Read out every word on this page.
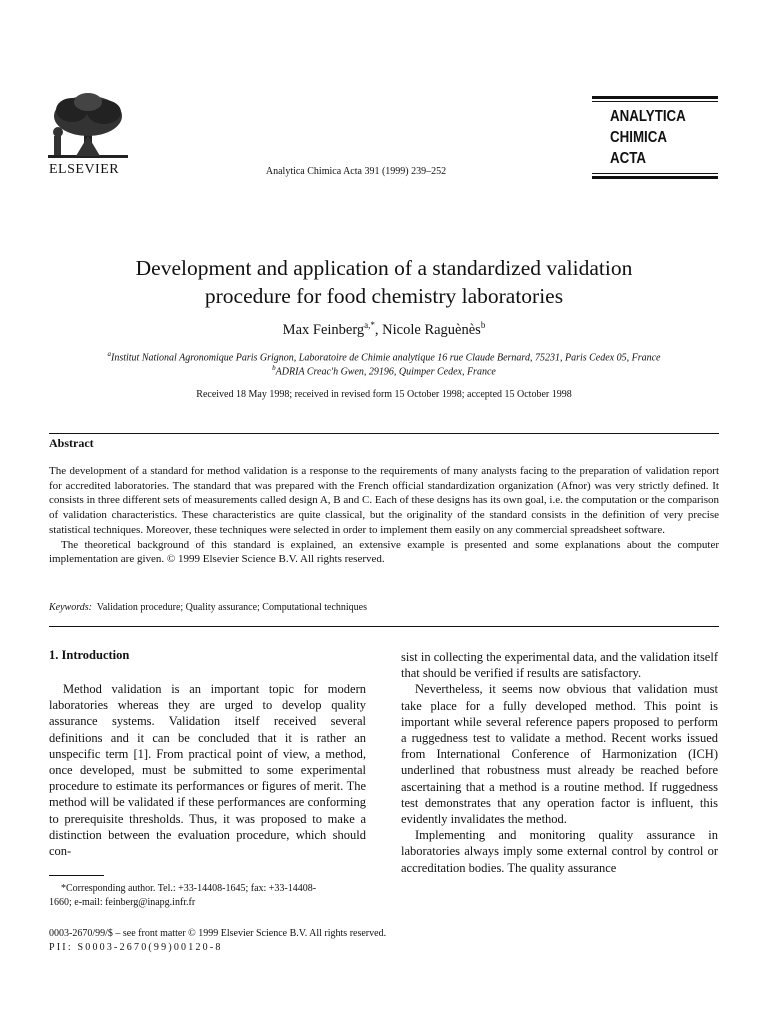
ELSEVIER	Analytica Chimica Acta 391 (1999) 239–252
ANALYTICA
CHIMICA
ACTA
Development and application of a standardized validation
procedure for food chemistry laboratories
Max Feinberg$^{a,*}$, Nicole $Raguènès^b$
$^a$Institut National Agronomique Paris Grignon, Laboratoire de Chimie analytique 16 rue Claude Bernard, 75231, Paris Cedex 05, France
$^b$ADRIA Creac'h Gwen, 29196, Quimper Cedex, France
Received 18 May 1998; received in revised form 15 October 1998; accepted 15 October 1998
Abstract

The development of a standard for method validation is a response to the requirements of many analysts facing to the preparation of validation report for accredited laboratories. The standard that was prepared with the French official standardization organization (Afnor) was very strictly defined. It consists in three different sets of measurements called design A, B and C. Each of these designs has its own goal, i.e. the computation or the comparison of validation characteristics. These characteristics are quite classical, but the originality of the standard consists in the definition of very precise statistical techniques. Moreover, these techniques were selected in order to implement them easily on any commercial spreadsheet software.

The theoretical background of this standard is explained, an extensive example is presented and some explanations about the computer implementation are given. © 1999 Elsevier Science B.V. All rights reserved.

Keywords: Validation procedure; Quality assurance; Computational techniques
1. Introduction

Method validation is an important topic for modern laboratories whereas they are urged to develop quality assurance systems. Validation itself received several definitions and it can be concluded that it is rather an unspecific term [1]. From practical point of view, a method, once developed, must be submitted to some experimental procedure to estimate its performances or figures of merit. The method will be validated if these performances are conforming to prerequisite thresholds. Thus, it was proposed to make a distinction between the evaluation procedure, which should con-

sist in collecting the experimental data, and the validation itself that should be verified if results are satisfactory.

Nevertheless, it seems now obvious that validation must take place for a fully developed method. This point is important while several reference papers proposed to perform a ruggedness test to validate a method. Recent works issued from International Conference of Harmonization (ICH) underlined that robustness must already be reached before ascertaining that a method is a routine method. If ruggedness test demonstrates that any operation factor is influent, this evidently invalidates the method.

Implementing and monitoring quality assurance in laboratories always imply some external control by control or accreditation bodies. The quality assurance

*Corresponding author. Tel.: +33-14408-1645; fax: +33-14408-
1660; e-mail: feinberg@inapg.infr.fr
0003-2670/99/$ – see front matter © 1999 Elsevier Science B.V. All rights reserved.
PII: S0003-2670(99)00120-8
